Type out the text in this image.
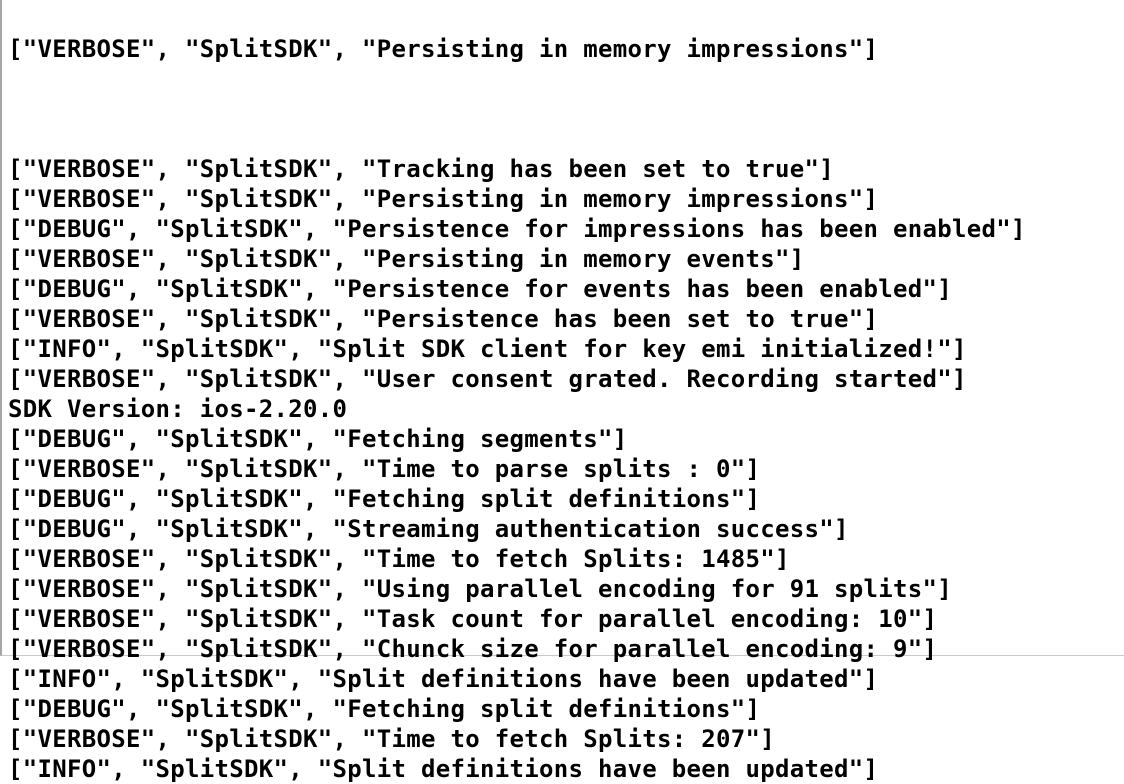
["VERBOSE", "SplitSDK", "Persisting in memory impressions"]

["VERBOSE", "SplitSDK", "Tracking has been set to true"]
["VERBOSE", "SplitSDK", "Persisting in memory impressions"]
["DEBUG", "SplitSDK", "Persistence for impressions has been enabled"]
["VERBOSE", "SplitSDK", "Persisting in memory events"]
["DEBUG", "SplitSDK", "Persistence for events has been enabled"]
["VERBOSE", "SplitSDK", "Persistence has been set to true"]
["INFO", "SplitSDK", "Split SDK client for key emi initialized!"]
["VERBOSE", "SplitSDK", "User consent grated. Recording started"]
SDK Version: ios-2.20.0
["DEBUG", "SplitSDK", "Fetching segments"]
["VERBOSE", "SplitSDK", "Time to parse splits : 0"]
["DEBUG", "SplitSDK", "Fetching split definitions"]
["DEBUG", "SplitSDK", "Streaming authentication success"]
["VERBOSE", "SplitSDK", "Time to fetch Splits: 1485"]
["VERBOSE", "SplitSDK", "Using parallel encoding for 91 splits"]
["VERBOSE", "SplitSDK", "Task count for parallel encoding: 10"]
["VERBOSE", "SplitSDK", "Chunck size for parallel encoding: 9"]
["INFO", "SplitSDK", "Split definitions have been updated"]
["DEBUG", "SplitSDK", "Fetching split definitions"]
["VERBOSE", "SplitSDK", "Time to fetch Splits: 207"]
["INFO", "SplitSDK", "Split definitions have been updated"]
